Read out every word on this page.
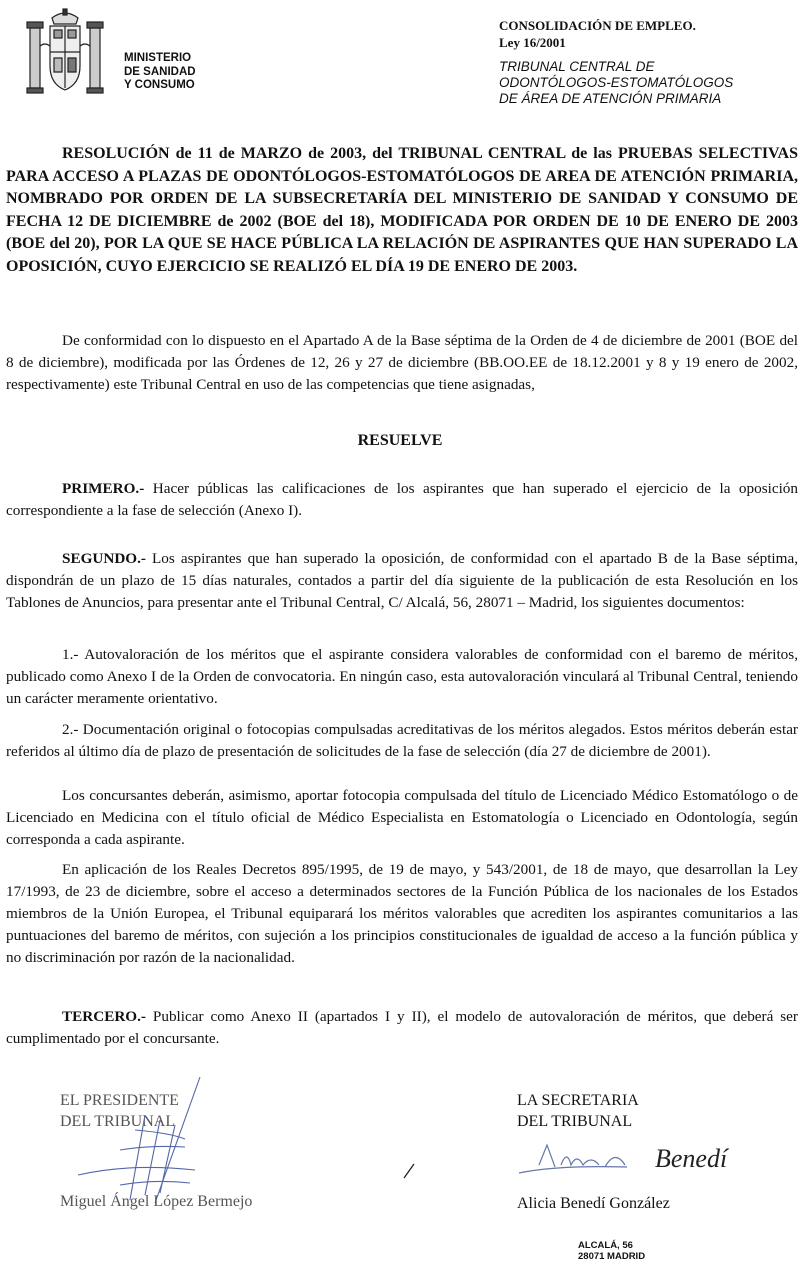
MINISTERIO
DE SANIDAD
Y CONSUMO
CONSOLIDACIÓN DE EMPLEO.
Ley 16/2001
TRIBUNAL CENTRAL DE
ODONTÓLOGOS-ESTOMATÓLOGOS
DE ÁREA DE ATENCIÓN PRIMARIA
RESOLUCIÓN de 11 de MARZO de 2003, del TRIBUNAL CENTRAL de las PRUEBAS SELECTIVAS PARA ACCESO A PLAZAS DE ODONTÓLOGOS-ESTOMATÓLOGOS DE AREA DE ATENCIÓN PRIMARIA, NOMBRADO POR ORDEN DE LA SUBSECRETARÍA DEL MINISTERIO DE SANIDAD Y CONSUMO DE FECHA 12 DE DICIEMBRE de 2002 (BOE del 18), MODIFICADA POR ORDEN DE 10 DE ENERO DE 2003 (BOE del 20), POR LA QUE SE HACE PÚBLICA LA RELACIÓN DE ASPIRANTES QUE HAN SUPERADO LA OPOSICIÓN, CUYO EJERCICIO SE REALIZÓ EL DÍA 19 DE ENERO DE 2003.
De conformidad con lo dispuesto en el Apartado A de la Base séptima de la Orden de 4 de diciembre de 2001 (BOE del 8 de diciembre), modificada por las Órdenes de 12, 26 y 27 de diciembre (BB.OO.EE de 18.12.2001 y 8 y 19 enero de 2002, respectivamente) este Tribunal Central en uso de las competencias que tiene asignadas,
RESUELVE
PRIMERO.- Hacer públicas las calificaciones de los aspirantes que han superado el ejercicio de la oposición correspondiente a la fase de selección (Anexo I).
SEGUNDO.- Los aspirantes que han superado la oposición, de conformidad con el apartado B de la Base séptima, dispondrán de un plazo de 15 días naturales, contados a partir del día siguiente de la publicación de esta Resolución en los Tablones de Anuncios, para presentar ante el Tribunal Central, C/ Alcalá, 56, 28071 – Madrid, los siguientes documentos:
1.- Autovaloración de los méritos que el aspirante considera valorables de conformidad con el baremo de méritos, publicado como Anexo I de la Orden de convocatoria. En ningún caso, esta autovaloración vinculará al Tribunal Central, teniendo un carácter meramente orientativo.
2.- Documentación original o fotocopias compulsadas acreditativas de los méritos alegados. Estos méritos deberán estar referidos al último día de plazo de presentación de solicitudes de la fase de selección (día 27 de diciembre de 2001).
Los concursantes deberán, asimismo, aportar fotocopia compulsada del título de Licenciado Médico Estomatólogo o de Licenciado en Medicina con el título oficial de Médico Especialista en Estomatología o Licenciado en Odontología, según corresponda a cada aspirante.
En aplicación de los Reales Decretos 895/1995, de 19 de mayo, y 543/2001, de 18 de mayo, que desarrollan la Ley 17/1993, de 23 de diciembre, sobre el acceso a determinados sectores de la Función Pública de los nacionales de los Estados miembros de la Unión Europea, el Tribunal equiparará los méritos valorables que acrediten los aspirantes comunitarios a las puntuaciones del baremo de méritos, con sujeción a los principios constitucionales de igualdad de acceso a la función pública y no discriminación por razón de la nacionalidad.
TERCERO.- Publicar como Anexo II (apartados I y II), el modelo de autovaloración de méritos, que deberá ser cumplimentado por el concursante.
EL PRESIDENTE
DEL TRIBUNAL
Miguel Ángel López Bermejo
LA SECRETARIA
DEL TRIBUNAL
Benedí
Alicia Benedí González
ALCALÁ, 56
28071 MADRID
